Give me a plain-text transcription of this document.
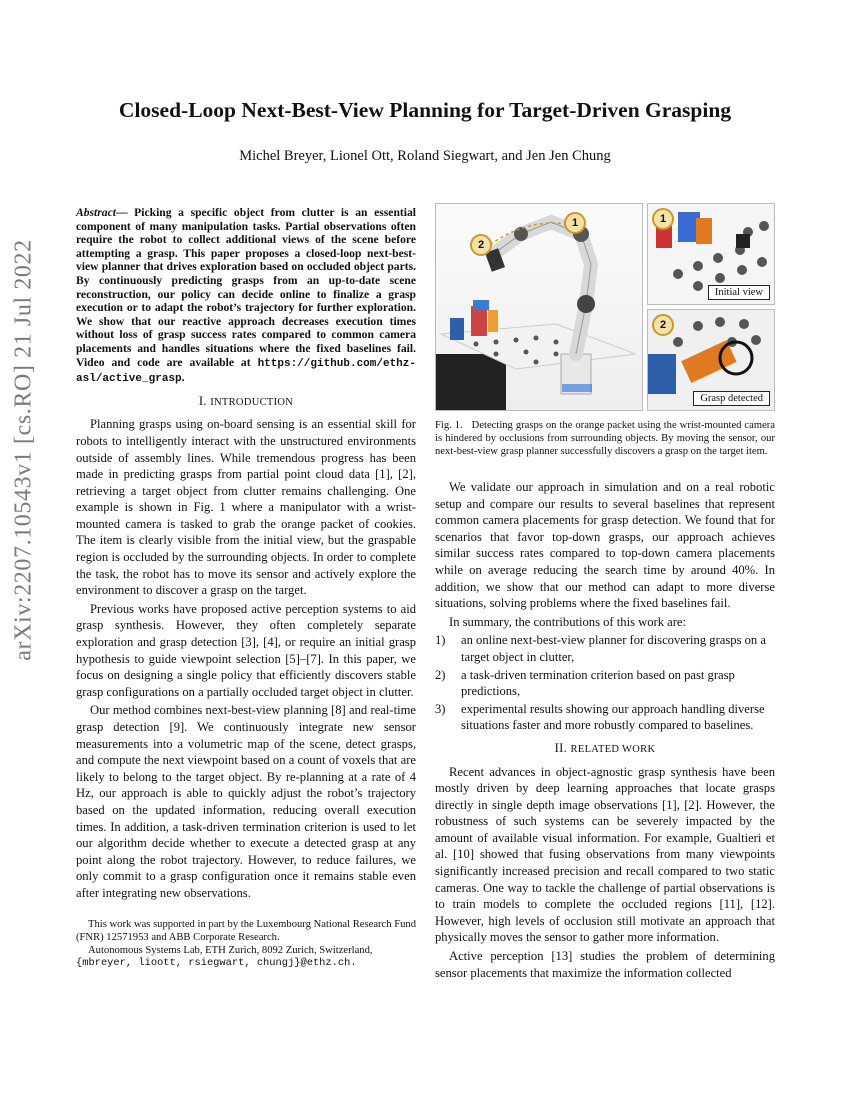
arXiv:2207.10543v1 [cs.RO] 21 Jul 2022
Closed-Loop Next-Best-View Planning for Target-Driven Grasping
Michel Breyer, Lionel Ott, Roland Siegwart, and Jen Jen Chung
Abstract— Picking a specific object from clutter is an essential component of many manipulation tasks. Partial observations often require the robot to collect additional views of the scene before attempting a grasp. This paper proposes a closed-loop next-best-view planner that drives exploration based on occluded object parts. By continuously predicting grasps from an up-to-date scene reconstruction, our policy can decide online to finalize a grasp execution or to adapt the robot’s trajectory for further exploration. We show that our reactive approach decreases execution times without loss of grasp success rates compared to common camera placements and handles situations where the fixed baselines fail. Video and code are available at https://github.com/ethz-asl/active_grasp.
I. INTRODUCTION

Planning grasps using on-board sensing is an essential skill for robots to intelligently interact with the unstructured environments outside of assembly lines. While tremendous progress has been made in predicting grasps from partial point cloud data [1], [2], retrieving a target object from clutter remains challenging. One example is shown in Fig. 1 where a manipulator with a wrist-mounted camera is tasked to grab the orange packet of cookies. The item is clearly visible from the initial view, but the graspable region is occluded by the surrounding objects. In order to complete the task, the robot has to move its sensor and actively explore the environment to discover a grasp on the target.

Previous works have proposed active perception systems to aid grasp synthesis. However, they often completely separate exploration and grasp detection [3], [4], or require an initial grasp hypothesis to guide viewpoint selection [5]–[7]. In this paper, we focus on designing a single policy that efficiently discovers stable grasp configurations on a partially occluded target object in clutter.

Our method combines next-best-view planning [8] and real-time grasp detection [9]. We continuously integrate new sensor measurements into a volumetric map of the scene, detect grasps, and compute the next viewpoint based on a count of voxels that are likely to belong to the target object. By re-planning at a rate of 4 Hz, our approach is able to quickly adjust the robot’s trajectory based on the updated information, reducing overall execution times. In addition, a task-driven termination criterion is used to let our algorithm decide whether to execute a detected grasp at any point along the robot trajectory. However, to reduce failures, we only commit to a grasp configuration once it remains stable even after integrating new observations.

This work was supported in part by the Luxembourg National Research Fund (FNR) 12571953 and ABB Corporate Research.

Autonomous Systems Lab, ETH Zurich, 8092 Zurich, Switzerland,

{mbreyer, lioott, rsiegwart, chungj}@ethz.ch.
1
2
1
Initial view
2
Grasp detected
Fig. 1. Detecting grasps on the orange packet using the wrist-mounted camera is hindered by occlusions from surrounding objects. By moving the sensor, our next-best-view grasp planner successfully discovers a grasp on the target item.

We validate our approach in simulation and on a real robotic setup and compare our results to several baselines that represent common camera placements for grasp detection. We found that for scenarios that favor top-down grasps, our approach achieves similar success rates compared to top-down camera placements while on average reducing the search time by around 40%. In addition, we show that our method can adapt to more diverse situations, solving problems where the fixed baselines fail.

In summary, the contributions of this work are:

1)	an online next-best-view planner for discovering grasps on a target object in clutter,
2)	a task-driven termination criterion based on past grasp predictions,
3)	experimental results showing our approach handling diverse situations faster and more robustly compared to baselines.
II. RELATED WORK

Recent advances in object-agnostic grasp synthesis have been mostly driven by deep learning approaches that locate grasps directly in single depth image observations [1], [2]. However, the robustness of such systems can be severely impacted by the amount of available visual information. For example, Gualtieri et al. [10] showed that fusing observations from many viewpoints significantly increased precision and recall compared to two static cameras. One way to tackle the challenge of partial observations is to train models to complete the occluded regions [11], [12]. However, high levels of occlusion still motivate an approach that physically moves the sensor to gather more information.

Active perception [13] studies the problem of determining sensor placements that maximize the information collected
